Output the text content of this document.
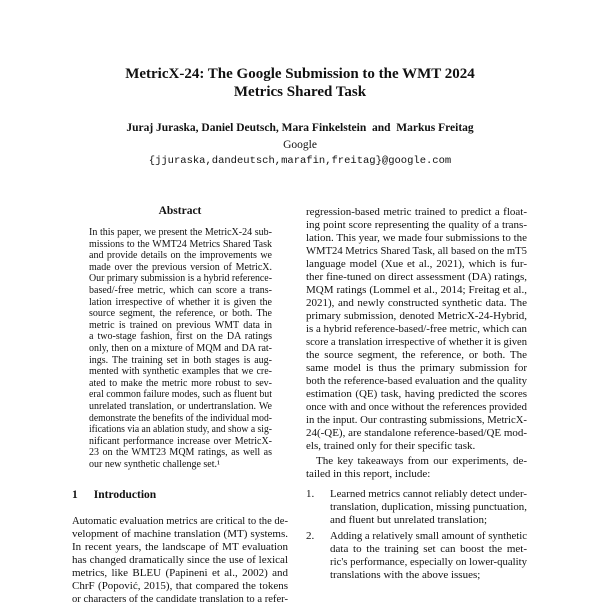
MetricX-24: The Google Submission to the WMT 2024
Metrics Shared Task
Juraj Juraska, Daniel Deutsch, Mara Finkelstein  and  Markus Freitag
Google
{jjuraska,dandeutsch,marafin,freitag}@google.com
Abstract
In this paper, we present the MetricX-24 sub-
missions to the WMT24 Metrics Shared Task
and provide details on the improvements we
made over the previous version of MetricX.
Our primary submission is a hybrid reference-
based/-free metric, which can score a trans-
lation irrespective of whether it is given the
source segment, the reference, or both. The
metric is trained on previous WMT data in
a two-stage fashion, first on the DA ratings
only, then on a mixture of MQM and DA rat-
ings. The training set in both stages is aug-
mented with synthetic examples that we cre-
ated to make the metric more robust to sev-
eral common failure modes, such as fluent but
unrelated translation, or undertranslation. We
demonstrate the benefits of the individual mod-
ifications via an ablation study, and show a sig-
nificant performance increase over MetricX-
23 on the WMT23 MQM ratings, as well as
our new synthetic challenge set.¹
1 Introduction
Automatic evaluation metrics are critical to the de-
velopment of machine translation (MT) systems.
In recent years, the landscape of MT evaluation
has changed dramatically since the use of lexical
metrics, like BLEU (Papineni et al., 2002) and
ChrF (Popović, 2015), that compared the tokens
or characters of the candidate translation to a refer-
regression-based metric trained to predict a float-
ing point score representing the quality of a trans-
lation. This year, we made four submissions to the
WMT24 Metrics Shared Task, all based on the mT5
language model (Xue et al., 2021), which is fur-
ther fine-tuned on direct assessment (DA) ratings,
MQM ratings (Lommel et al., 2014; Freitag et al.,
2021), and newly constructed synthetic data. The
primary submission, denoted MetricX-24-Hybrid,
is a hybrid reference-based/-free metric, which can
score a translation irrespective of whether it is given
the source segment, the reference, or both. The
same model is thus the primary submission for
both the reference-based evaluation and the quality
estimation (QE) task, having predicted the scores
once with and once without the references provided
in the input. Our contrasting submissions, MetricX-
24(-QE), are standalone reference-based/QE mod-
els, trained only for their specific task.
The key takeaways from our experiments, de-
tailed in this report, include:
1.	Learned metrics cannot reliably detect under-
translation, duplication, missing punctuation,
and fluent but unrelated translation;
2.	Adding a relatively small amount of synthetic
data to the training set can boost the met-
ric's performance, especially on lower-quality
translations with the above issues;
